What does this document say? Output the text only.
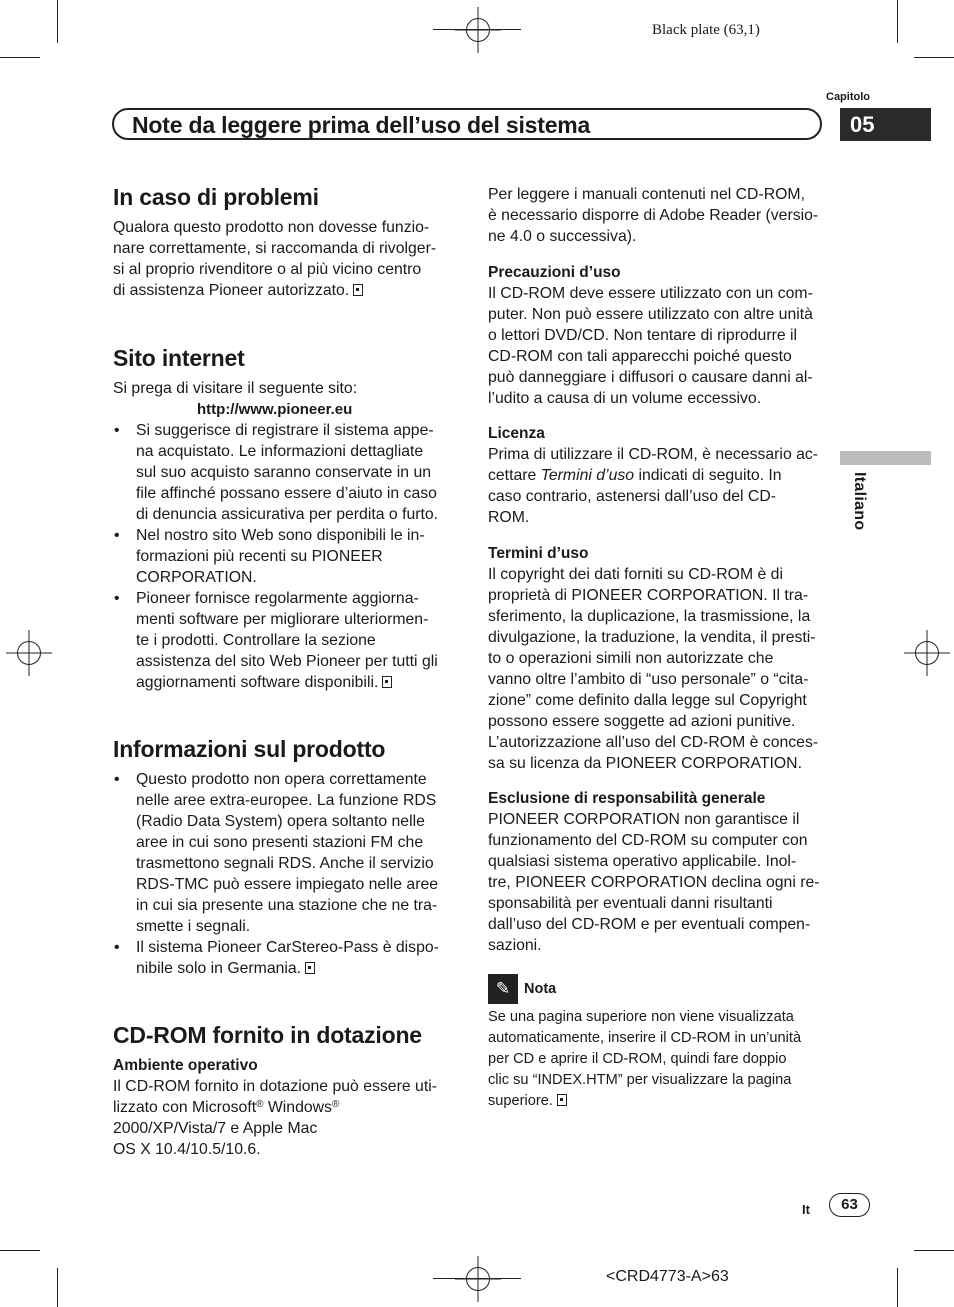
Black plate (63,1)
Capitolo
Note da leggere prima dell’uso del sistema	05
Italiano
In caso di problemi

Qualora questo prodotto non dovesse funzio-
nare correttamente, si raccomanda di rivolger-
si al proprio rivenditore o al più vicino centro
di assistenza Pioneer autorizzato.

Sito internet

Si prega di visitare il seguente sito:

http://www.pioneer.eu

• Si suggerisce di registrare il sistema appe-
na acquistato. Le informazioni dettagliate
sul suo acquisto saranno conservate in un
file affinché possano essere d’aiuto in caso
di denuncia assicurativa per perdita o furto.
• Nel nostro sito Web sono disponibili le in-
formazioni più recenti su PIONEER
CORPORATION.
• Pioneer fornisce regolarmente aggiorna-
menti software per migliorare ulteriormen-
te i prodotti. Controllare la sezione
assistenza del sito Web Pioneer per tutti gli
aggiornamenti software disponibili.
Informazioni sul prodotto
• Questo prodotto non opera correttamente
nelle aree extra-europee. La funzione RDS
(Radio Data System) opera soltanto nelle
aree in cui sono presenti stazioni FM che
trasmettono segnali RDS. Anche il servizio
RDS-TMC può essere impiegato nelle aree
in cui sia presente una stazione che ne tra-
smette i segnali.
• Il sistema Pioneer CarStereo-Pass è dispo-
nibile solo in Germania.
CD-ROM fornito in dotazione

Ambiente operativo

Il CD-ROM fornito in dotazione può essere uti-
lizzato con Microsoft® Windows®
2000/XP/Vista/7 e Apple Mac
OS X 10.4/10.5/10.6.

Per leggere i manuali contenuti nel CD-ROM,
è necessario disporre di Adobe Reader (versio-
ne 4.0 o successiva).

Precauzioni d’uso

Il CD-ROM deve essere utilizzato con un com-
puter. Non può essere utilizzato con altre unità
o lettori DVD/CD. Non tentare di riprodurre il
CD-ROM con tali apparecchi poiché questo
può danneggiare i diffusori o causare danni al-
l’udito a causa di un volume eccessivo.

Licenza

Prima di utilizzare il CD-ROM, è necessario ac-
cettare Termini d’uso indicati di seguito. In
caso contrario, astenersi dall’uso del CD-
ROM.

Termini d’uso

Il copyright dei dati forniti su CD-ROM è di
proprietà di PIONEER CORPORATION. Il tra-
sferimento, la duplicazione, la trasmissione, la
divulgazione, la traduzione, la vendita, il presti-
to o operazioni simili non autorizzate che
vanno oltre l’ambito di “uso personale” o “cita-
zione” come definito dalla legge sul Copyright
possono essere soggette ad azioni punitive.
L’autorizzazione all’uso del CD-ROM è conces-
sa su licenza da PIONEER CORPORATION.

Esclusione di responsabilità generale

PIONEER CORPORATION non garantisce il
funzionamento del CD-ROM su computer con
qualsiasi sistema operativo applicabile. Inol-
tre, PIONEER CORPORATION declina ogni re-
sponsabilità per eventuali danni risultanti
dall’uso del CD-ROM e per eventuali compen-
sazioni.

✎ Nota

Se una pagina superiore non viene visualizzata
automaticamente, inserire il CD-ROM in un’unità
per CD e aprire il CD-ROM, quindi fare doppio
clic su “INDEX.HTM” per visualizzare la pagina
superiore.

It	63
<CRD4773-A>63
